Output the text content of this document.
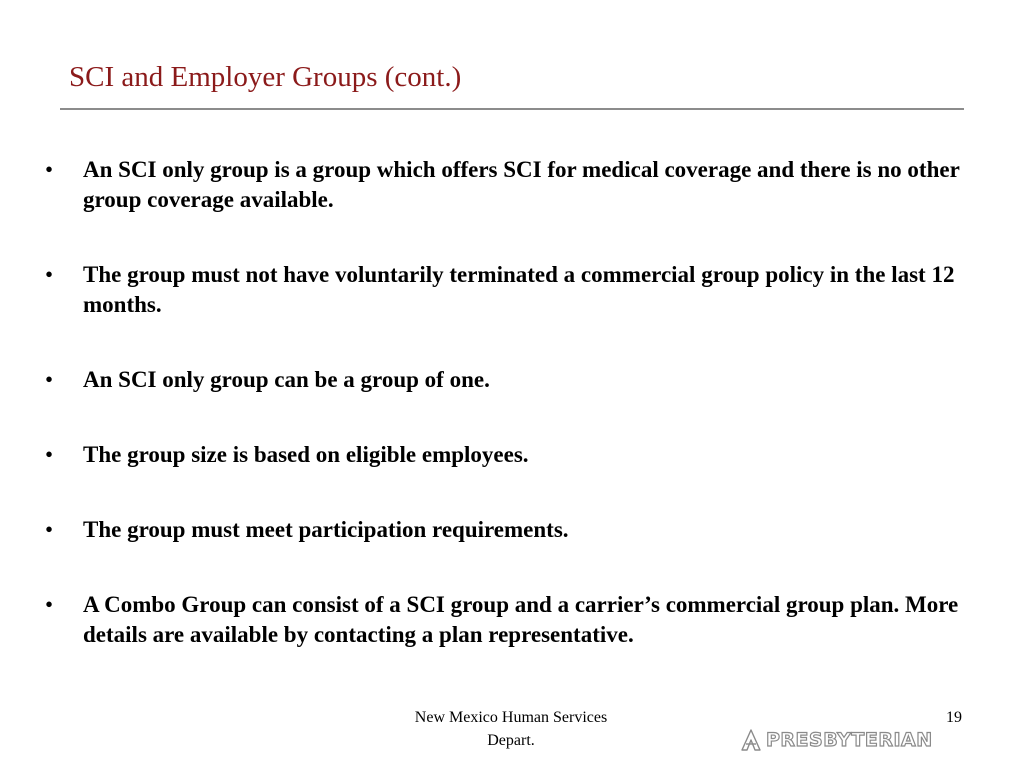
SCI and Employer Groups (cont.)
• An SCI only group is a group which offers SCI for medical coverage and there is no other group coverage available.
• The group must not have voluntarily terminated a commercial group policy in the last 12 months.
• An SCI only group can be a group of one.
• The group size is based on eligible employees.
• The group must meet participation requirements.
• A Combo Group can consist of a SCI group and a carrier’s commercial group plan. More details are available by contacting a plan representative.
New Mexico Human Services
Depart.
19
PRESBYTERIAN
